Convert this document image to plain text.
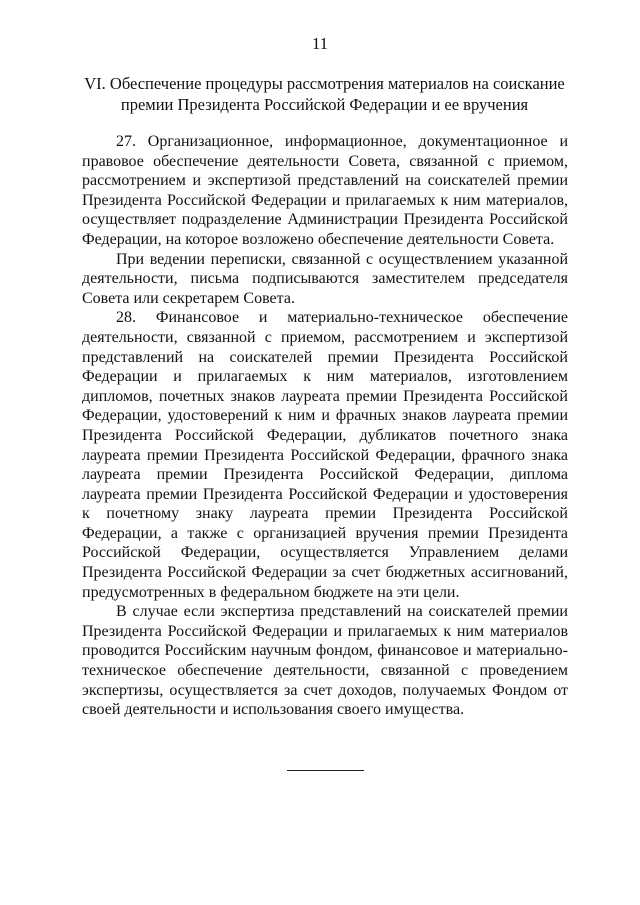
11
VI. Обеспечение процедуры рассмотрения материалов на соискание
премии Президента Российской Федерации и ее вручения

27. Организационное, информационное, документационное и правовое обеспечение деятельности Совета, связанной с приемом, рассмотрением и экспертизой представлений на соискателей премии Президента Российской Федерации и прилагаемых к ним материалов, осуществляет подразделение Администрации Президента Российской Федерации, на которое возложено обеспечение деятельности Совета.

При ведении переписки, связанной с осуществлением указанной деятельности, письма подписываются заместителем председателя Совета или секретарем Совета.

28. Финансовое и материально-техническое обеспечение деятельности, связанной с приемом, рассмотрением и экспертизой представлений на соискателей премии Президента Российской Федерации и прилагаемых к ним материалов, изготовлением дипломов, почетных знаков лауреата премии Президента Российской Федерации, удостоверений к ним и фрачных знаков лауреата премии Президента Российской Федерации, дубликатов почетного знака лауреата премии Президента Российской Федерации, фрачного знака лауреата премии Президента Российской Федерации, диплома лауреата премии Президента Российской Федерации и удостоверения к почетному знаку лауреата премии Президента Российской Федерации, а также с организацией вручения премии Президента Российской Федерации, осуществляется Управлением делами Президента Российской Федерации за счет бюджетных ассигнований, предусмотренных в федеральном бюджете на эти цели.

В случае если экспертиза представлений на соискателей премии Президента Российской Федерации и прилагаемых к ним материалов проводится Российским научным фондом, финансовое и материально-техническое обеспечение деятельности, связанной с проведением экспертизы, осуществляется за счет доходов, получаемых Фондом от своей деятельности и использования своего имущества.
